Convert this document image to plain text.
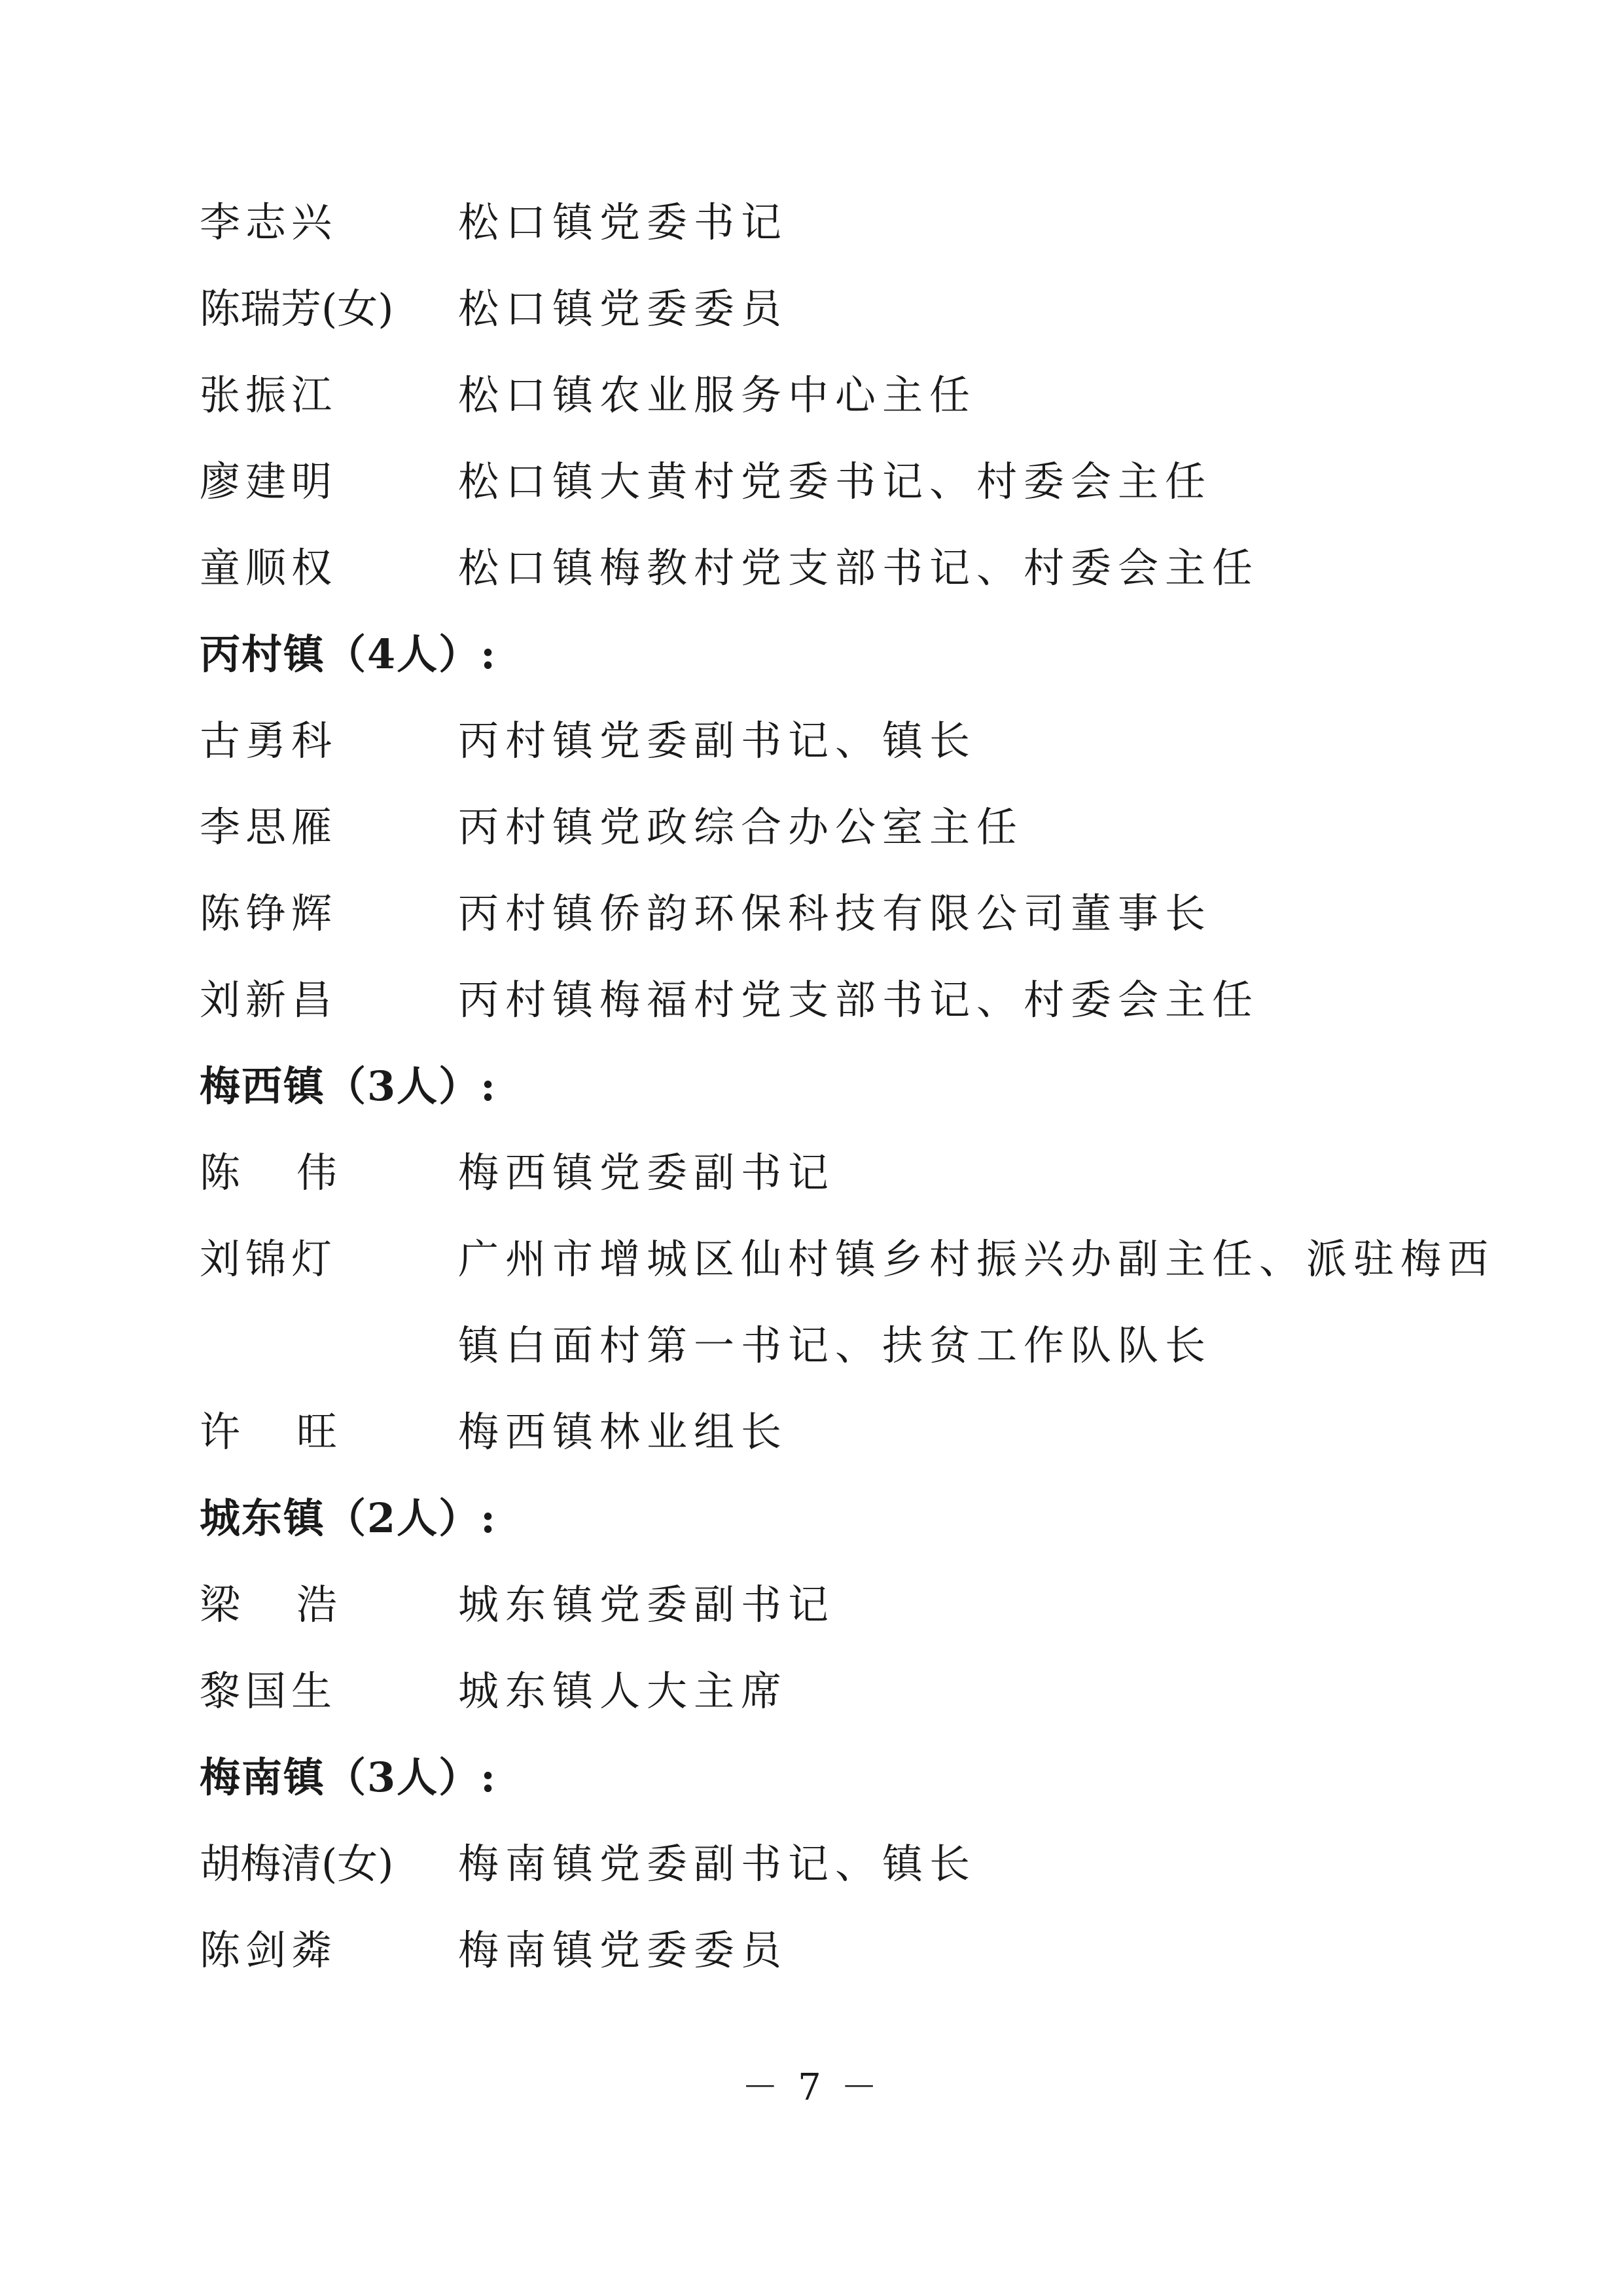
李志兴	松口镇党委书记
陈瑞芳(女)	松口镇党委委员
张振江	松口镇农业服务中心主任
廖建明	松口镇大黄村党委书记、村委会主任
童顺权	松口镇梅教村党支部书记、村委会主任
丙村镇（4人）:
古勇科	丙村镇党委副书记、镇长
李思雁	丙村镇党政综合办公室主任
陈铮辉	丙村镇侨韵环保科技有限公司董事长
刘新昌	丙村镇梅福村党支部书记、村委会主任
梅西镇（3人）:
陈 伟	梅西镇党委副书记
刘锦灯	广州市增城区仙村镇乡村振兴办副主任、派驻梅西
镇白面村第一书记、扶贫工作队队长
许 旺	梅西镇林业组长
城东镇（2人）:
梁 浩	城东镇党委副书记
黎国生	城东镇人大主席
梅南镇（3人）:
胡梅清(女)	梅南镇党委副书记、镇长
陈剑粦	梅南镇党委委员
－ 7 －
